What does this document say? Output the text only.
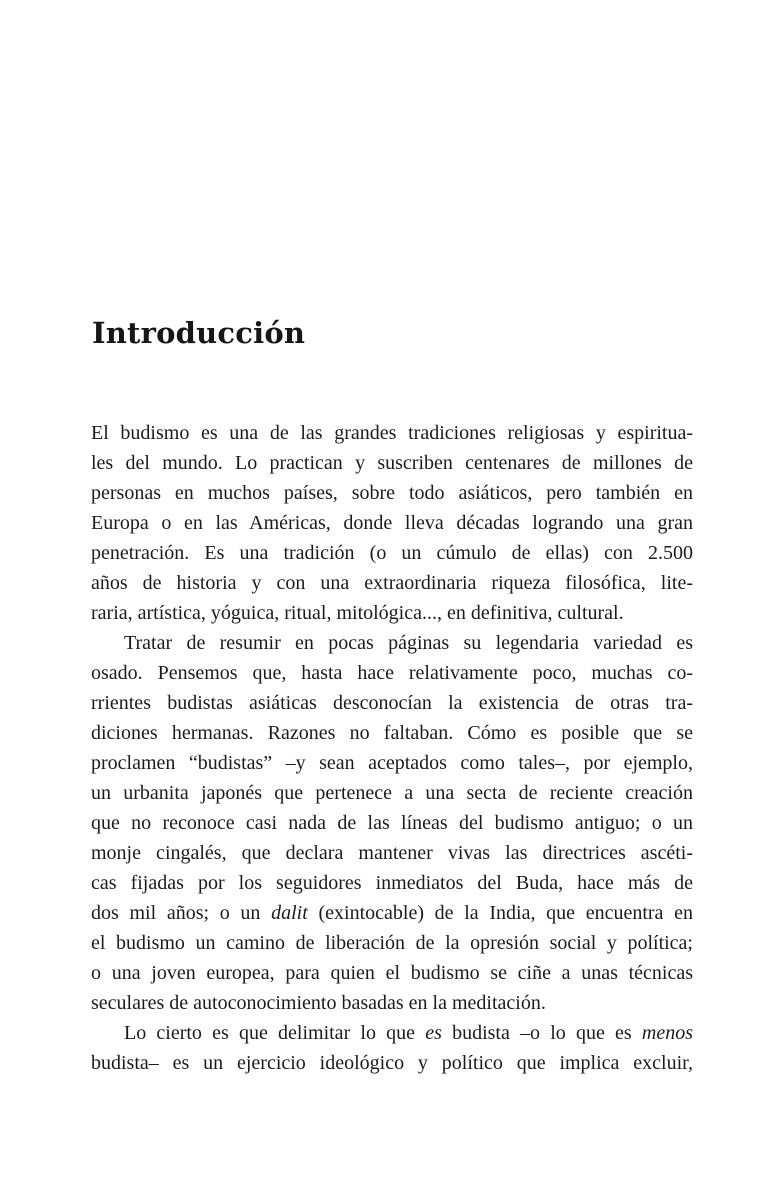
Introducción
El budismo es una de las grandes tradiciones religiosas y espiritua-
les del mundo. Lo practican y suscriben centenares de millones de
personas en muchos países, sobre todo asiáticos, pero también en
Europa o en las Américas, donde lleva décadas logrando una gran
penetración. Es una tradición (o un cúmulo de ellas) con 2.500
años de historia y con una extraordinaria riqueza filosófica, lite-
raria, artística, yóguica, ritual, mitológica..., en definitiva, cultural.
Tratar de resumir en pocas páginas su legendaria variedad es
osado. Pensemos que, hasta hace relativamente poco, muchas co-
rrientes budistas asiáticas desconocían la existencia de otras tra-
diciones hermanas. Razones no faltaban. Cómo es posible que se
proclamen “budistas” –y sean aceptados como tales–, por ejemplo,
un urbanita japonés que pertenece a una secta de reciente creación
que no reconoce casi nada de las líneas del budismo antiguo; o un
monje cingalés, que declara mantener vivas las directrices ascéti-
cas fijadas por los seguidores inmediatos del Buda, hace más de
dos mil años; o un dalit (exintocable) de la India, que encuentra en
el budismo un camino de liberación de la opresión social y política;
o una joven europea, para quien el budismo se ciñe a unas técnicas
seculares de autoconocimiento basadas en la meditación.
Lo cierto es que delimitar lo que es budista –o lo que es menos
budista– es un ejercicio ideológico y político que implica excluir,
